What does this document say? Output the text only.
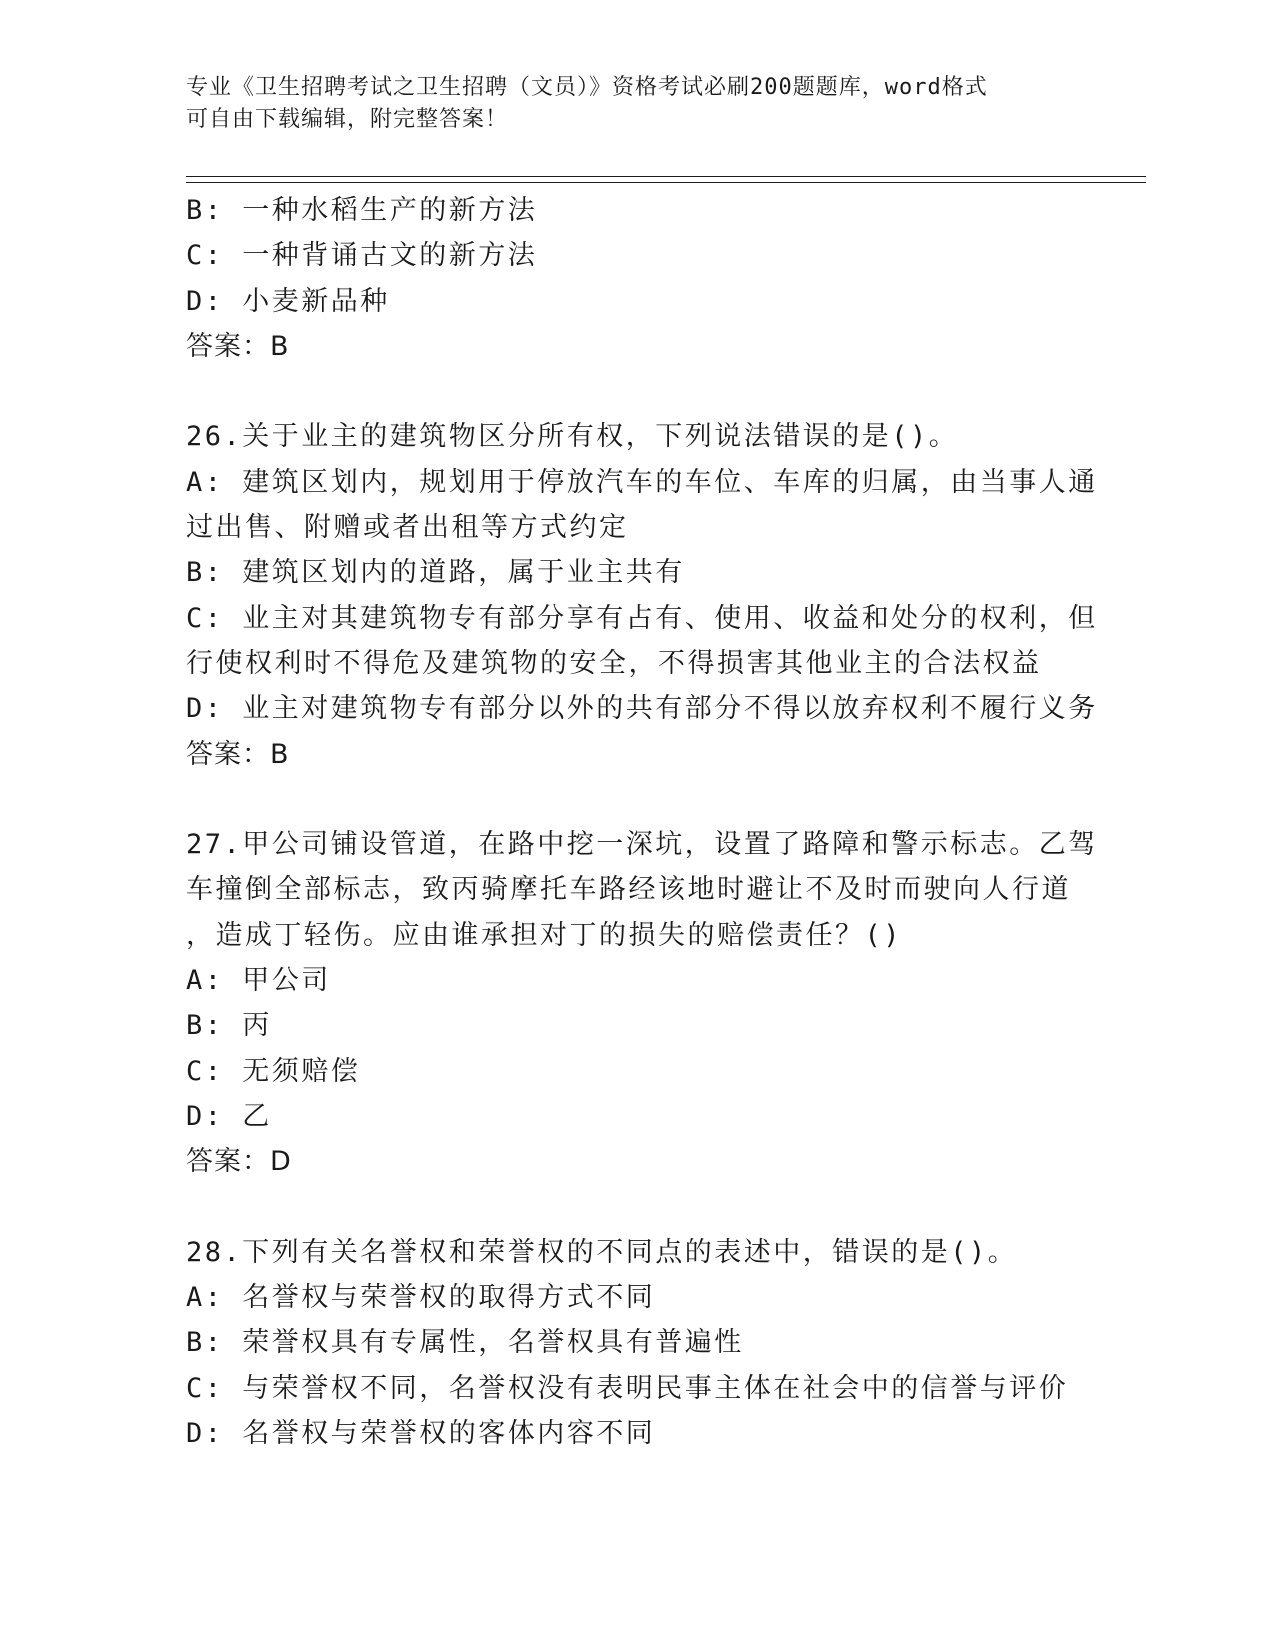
专业《卫生招聘考试之卫生招聘（文员）》资格考试必刷200题题库，word格式
可自由下载编辑，附完整答案！

B: 一种水稻生产的新方法

C: 一种背诵古文的新方法

D: 小麦新品种

答案：B

26.关于业主的建筑物区分所有权，下列说法错误的是()。

A: 建筑区划内，规划用于停放汽车的车位、车库的归属，由当事人通

过出售、附赠或者出租等方式约定

B: 建筑区划内的道路，属于业主共有

C: 业主对其建筑物专有部分享有占有、使用、收益和处分的权利，但

行使权利时不得危及建筑物的安全，不得损害其他业主的合法权益

D: 业主对建筑物专有部分以外的共有部分不得以放弃权利不履行义务

答案：B

27.甲公司铺设管道，在路中挖一深坑，设置了路障和警示标志。乙驾

车撞倒全部标志，致丙骑摩托车路经该地时避让不及时而驶向人行道

，造成丁轻伤。应由谁承担对丁的损失的赔偿责任？()

A: 甲公司

B: 丙

C: 无须赔偿

D: 乙

答案：D

28.下列有关名誉权和荣誉权的不同点的表述中，错误的是()。

A: 名誉权与荣誉权的取得方式不同

B: 荣誉权具有专属性，名誉权具有普遍性

C: 与荣誉权不同，名誉权没有表明民事主体在社会中的信誉与评价

D: 名誉权与荣誉权的客体内容不同
